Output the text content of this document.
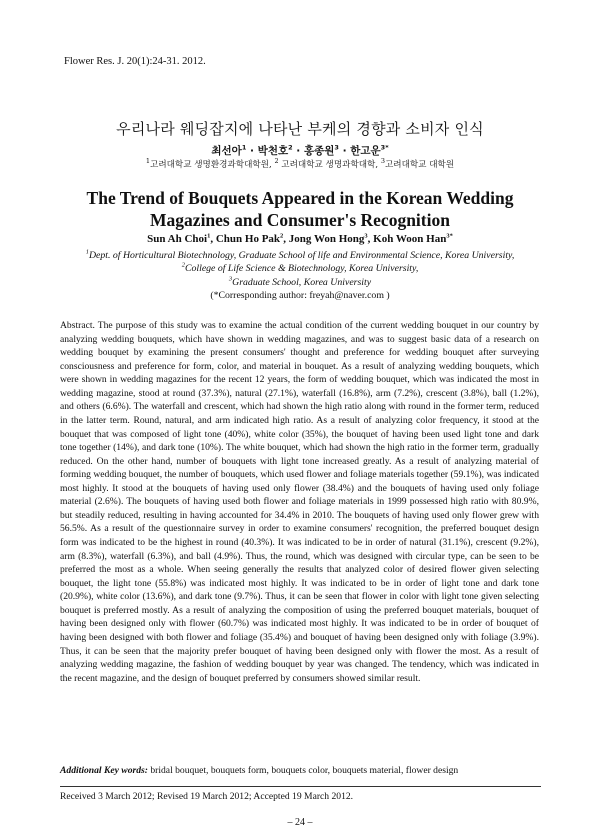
Flower Res. J. 20(1):24-31. 2012.
우리나라 웨딩잡지에 나타난 부케의 경향과 소비자 인식
최선아$^1$ · 박천호$^2$ · 홍종원$^3$ · 한고운$^{3*}$
$^1$고려대학교 생명환경과학대학원, $^2$ 고려대학교 생명과학대학, $^3$고려대학교 대학원
The Trend of Bouquets Appeared in the Korean Wedding
Magazines and Consumer's Recognition
Sun Ah Choi$^1$, Chun Ho Pak$^2$, Jong Won Hong$^3$, Koh Woon Han$^{3*}$
$^1$Dept. of Horticultural Biotechnology, Graduate School of life and Environmental Science, Korea University,
$^2$College of Life Science & Biotechnology, Korea University,
$^3$Graduate School, Korea University
(*Corresponding author: freyah@naver.com )
Abstract. The purpose of this study was to examine the actual condition of the current wedding bouquet in our country by analyzing wedding bouquets, which have shown in wedding magazines, and was to suggest basic data of a research on wedding bouquet by examining the present consumers' thought and preference for wedding bouquet after surveying consciousness and preference for form, color, and material in bouquet. As a result of analyzing wedding bouquets, which were shown in wedding magazines for the recent 12 years, the form of wedding bouquet, which was indicated the most in wedding magazine, stood at round (37.3%), natural (27.1%), waterfall (16.8%), arm (7.2%), crescent (3.8%), ball (1.2%), and others (6.6%). The waterfall and crescent, which had shown the high ratio along with round in the former term, reduced in the latter term. Round, natural, and arm indicated high ratio. As a result of analyzing color frequency, it stood at the bouquet that was composed of light tone (40%), white color (35%), the bouquet of having been used light tone and dark tone together (14%), and dark tone (10%). The white bouquet, which had shown the high ratio in the former term, gradually reduced. On the other hand, number of bouquets with light tone increased greatly. As a result of analyzing material of forming wedding bouquet, the number of bouquets, which used flower and foliage materials together (59.1%), was indicated most highly. It stood at the bouquets of having used only flower (38.4%) and the bouquets of having used only foliage material (2.6%). The bouquets of having used both flower and foliage materials in 1999 possessed high ratio with 80.9%, but steadily reduced, resulting in having accounted for 34.4% in 2010. The bouquets of having used only flower grew with 56.5%. As a result of the questionnaire survey in order to examine consumers' recognition, the preferred bouquet design form was indicated to be the highest in round (40.3%). It was indicated to be in order of natural (31.1%), crescent (9.2%), arm (8.3%), waterfall (6.3%), and ball (4.9%). Thus, the round, which was designed with circular type, can be seen to be preferred the most as a whole. When seeing generally the results that analyzed color of desired flower given selecting bouquet, the light tone (55.8%) was indicated most highly. It was indicated to be in order of light tone and dark tone (20.9%), white color (13.6%), and dark tone (9.7%). Thus, it can be seen that flower in color with light tone given selecting bouquet is preferred mostly. As a result of analyzing the composition of using the preferred bouquet materials, bouquet of having been designed only with flower (60.7%) was indicated most highly. It was indicated to be in order of bouquet of having been designed with both flower and foliage (35.4%) and bouquet of having been designed only with foliage (3.9%). Thus, it can be seen that the majority prefer bouquet of having been designed only with flower the most. As a result of analyzing wedding magazine, the fashion of wedding bouquet by year was changed. The tendency, which was indicated in the recent magazine, and the design of bouquet preferred by consumers showed similar result.
Additional Key words: bridal bouquet, bouquets form, bouquets color, bouquets material, flower design
Received 3 March 2012; Revised 19 March 2012; Accepted 19 March 2012.
– 24 –
